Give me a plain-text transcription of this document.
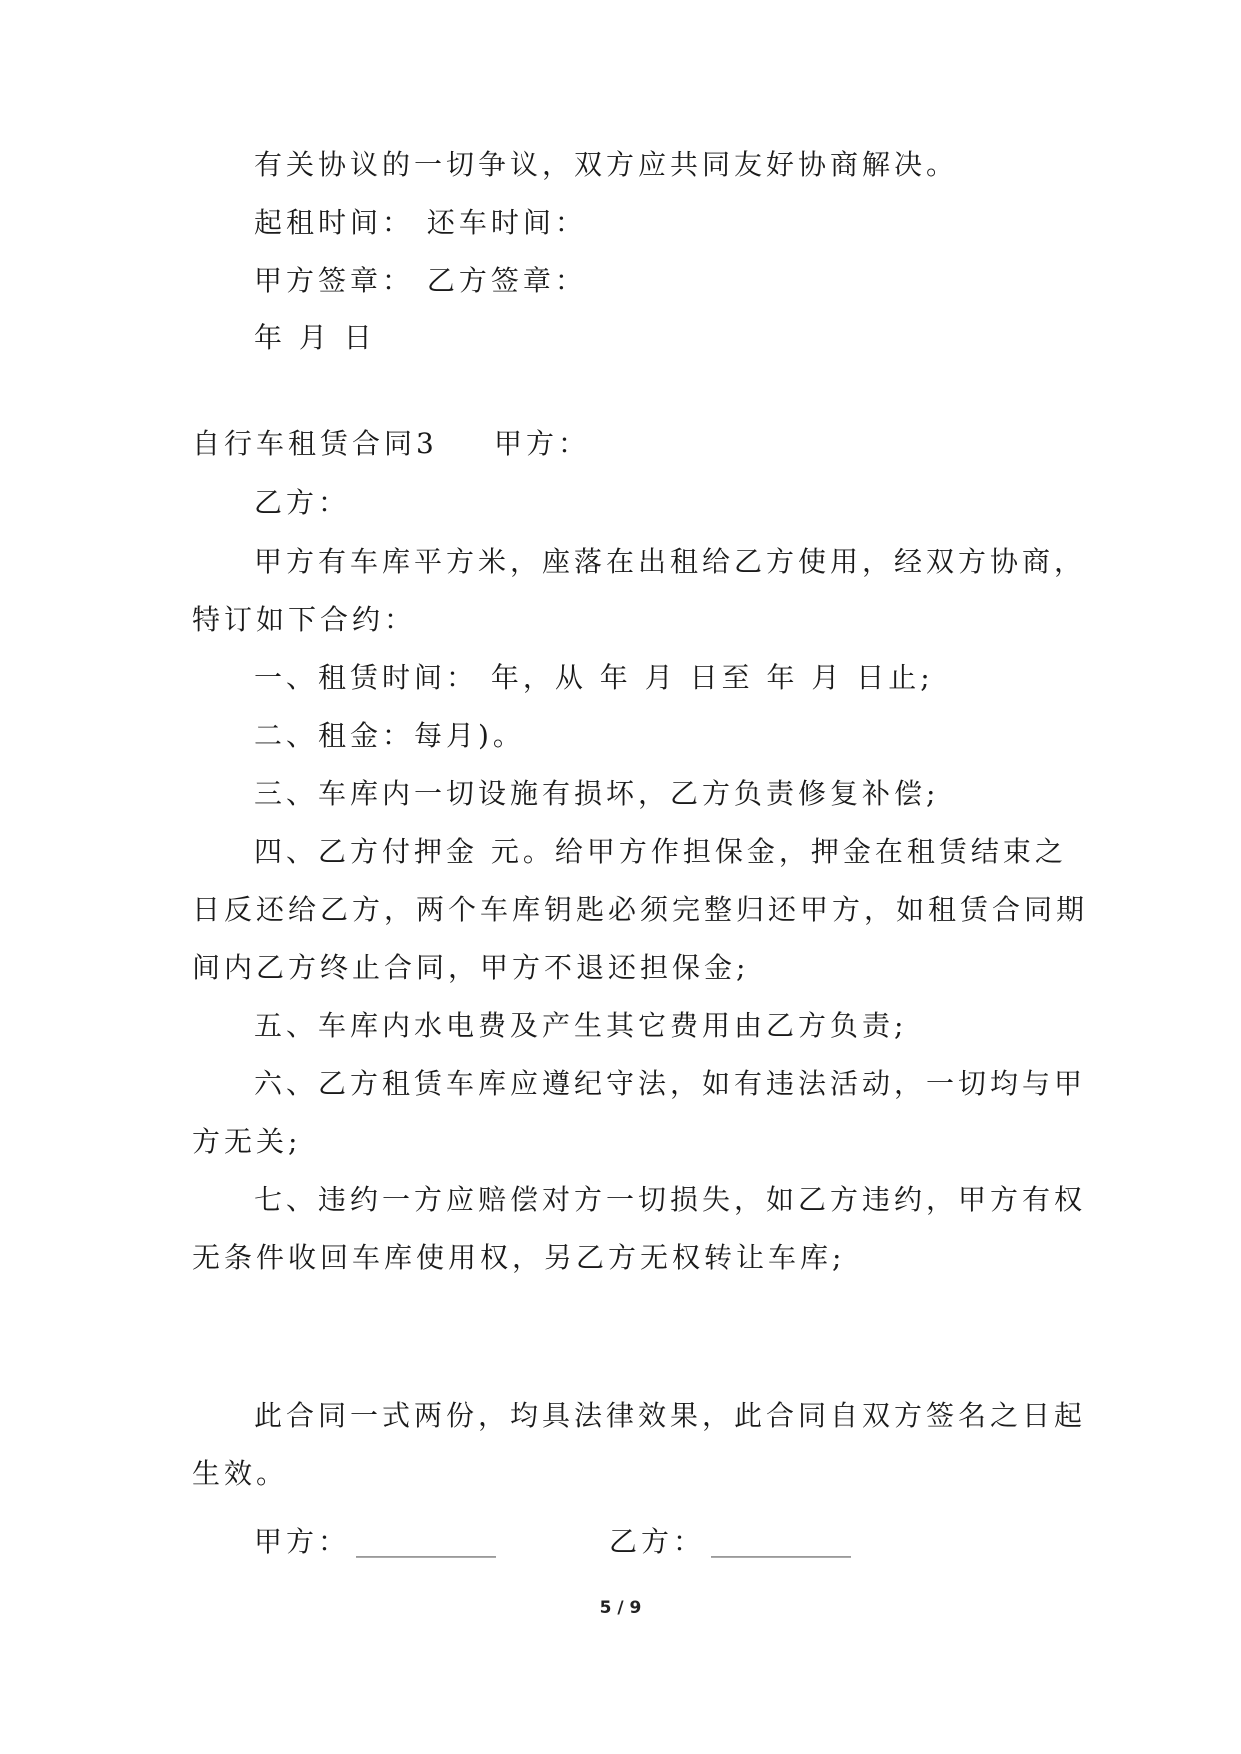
有关协议的一切争议，双方应共同友好协商解决。
起租时间： 还车时间：
甲方签章： 乙方签章：
年 月 日
自行车租赁合同3 甲方：
乙方：
甲方有车库平方米，座落在出租给乙方使用，经双方协商，
特订如下合约：
一、租赁时间： 年，从 年 月 日至 年 月 日止;
二、租金：每月)。
三、车库内一切设施有损坏，乙方负责修复补偿;
四、乙方付押金 元。给甲方作担保金，押金在租赁结束之
日反还给乙方，两个车库钥匙必须完整归还甲方，如租赁合同期
间内乙方终止合同，甲方不退还担保金;
五、车库内水电费及产生其它费用由乙方负责;
六、乙方租赁车库应遵纪守法，如有违法活动，一切均与甲
方无关;
七、违约一方应赔偿对方一切损失，如乙方违约，甲方有权
无条件收回车库使用权，另乙方无权转让车库;
此合同一式两份，均具法律效果，此合同自双方签名之日起
生效。
甲方： __________	乙方： __________
5 / 9
